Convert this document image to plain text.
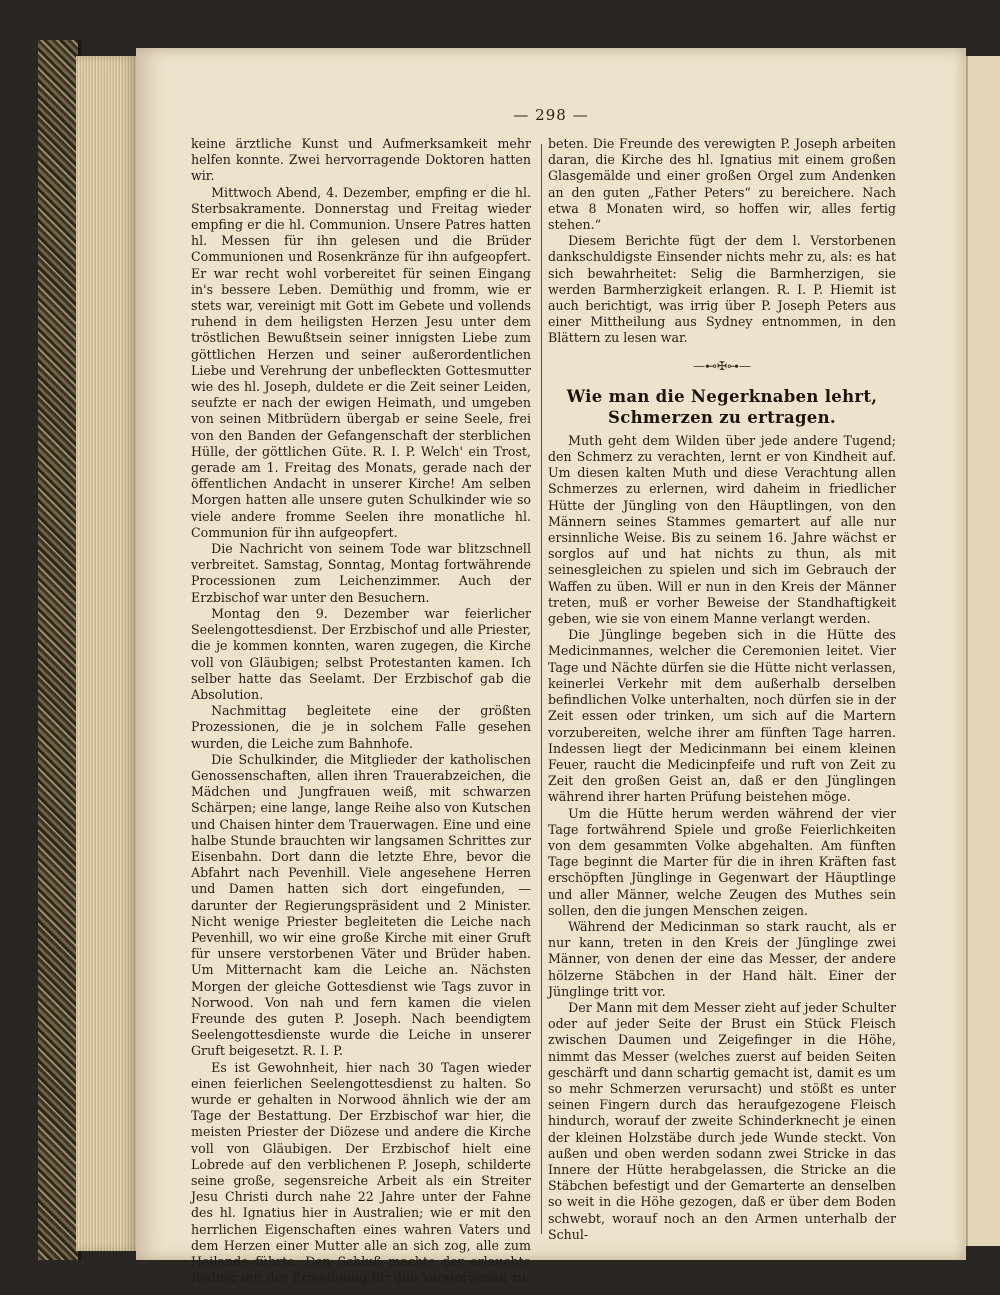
— 298 —

keine ärztliche Kunst und Aufmerksamkeit mehr helfen konnte. Zwei hervorragende Doktoren hatten wir.

Mittwoch Abend, 4. Dezember, empfing er die hl. Sterbsakramente. Donnerstag und Freitag wieder empfing er die hl. Communion. Unsere Patres hatten hl. Messen für ihn gelesen und die Brüder Communionen und Rosenkränze für ihn aufgeopfert. Er war recht wohl vorbereitet für seinen Eingang in's bessere Leben. Demüthig und fromm, wie er stets war, vereinigt mit Gott im Gebete und vollends ruhend in dem heiligsten Herzen Jesu unter dem tröstlichen Bewußtsein seiner innigsten Liebe zum göttlichen Herzen und seiner außerordentlichen Liebe und Verehrung der unbefleckten Gottesmutter wie des hl. Joseph, duldete er die Zeit seiner Leiden, seufzte er nach der ewigen Heimath, und umgeben von seinen Mitbrüdern übergab er seine Seele, frei von den Banden der Gefangenschaft der sterblichen Hülle, der göttlichen Güte. R. I. P. Welch' ein Trost, gerade am 1. Freitag des Monats, gerade nach der öffentlichen Andacht in unserer Kirche! Am selben Morgen hatten alle unsere guten Schulkinder wie so viele andere fromme Seelen ihre monatliche hl. Communion für ihn aufgeopfert.

Die Nachricht von seinem Tode war blitzschnell verbreitet. Samstag, Sonntag, Montag fortwährende Processionen zum Leichenzimmer. Auch der Erzbischof war unter den Besuchern.

Montag den 9. Dezember war feierlicher Seelengottesdienst. Der Erzbischof und alle Priester, die je kommen konnten, waren zugegen, die Kirche voll von Gläubigen; selbst Protestanten kamen. Ich selber hatte das Seelamt. Der Erzbischof gab die Absolution.

Nachmittag begleitete eine der größten Prozessionen, die je in solchem Falle gesehen wurden, die Leiche zum Bahnhofe.

Die Schulkinder, die Mitglieder der katholischen Genossenschaften, allen ihren Trauerabzeichen, die Mädchen und Jungfrauen weiß, mit schwarzen Schärpen; eine lange, lange Reihe also von Kutschen und Chaisen hinter dem Trauerwagen. Eine und eine halbe Stunde brauchten wir langsamen Schrittes zur Eisenbahn. Dort dann die letzte Ehre, bevor die Abfahrt nach Pevenhill. Viele angesehene Herren und Damen hatten sich dort eingefunden, — darunter der Regierungspräsident und 2 Minister. Nicht wenige Priester begleiteten die Leiche nach Pevenhill, wo wir eine große Kirche mit einer Gruft für unsere verstorbenen Väter und Brüder haben. Um Mitternacht kam die Leiche an. Nächsten Morgen der gleiche Gottesdienst wie Tags zuvor in Norwood. Von nah und fern kamen die vielen Freunde des guten P. Joseph. Nach beendigtem Seelengottesdienste wurde die Leiche in unserer Gruft beigesetzt. R. I. P.

Es ist Gewohnheit, hier nach 30 Tagen wieder einen feierlichen Seelengottesdienst zu halten. So wurde er gehalten in Norwood ähnlich wie der am Tage der Bestattung. Der Erzbischof war hier, die meisten Priester der Diözese und andere die Kirche voll von Gläubigen. Der Erzbischof hielt eine Lobrede auf den verblichenen P. Joseph, schilderte seine große, segensreiche Arbeit als ein Streiter Jesu Christi durch nahe 22 Jahre unter der Fahne des hl. Ignatius hier in Australien; wie er mit den herrlichen Eigenschaften eines wahren Vaters und dem Herzen einer Mutter alle an sich zog, alle zum Heilande führte. Den Schluß machte der erlauchte Redner mit der Ermahnung für den Verstorbenen zu

beten. Die Freunde des verewigten P. Joseph arbeiten daran, die Kirche des hl. Ignatius mit einem großen Glasgemälde und einer großen Orgel zum Andenken an den guten „Father Peters“ zu bereichere. Nach etwa 8 Monaten wird, so hoffen wir, alles fertig stehen.“

Diesem Berichte fügt der dem l. Verstorbenen dankschuldigste Einsender nichts mehr zu, als: es hat sich bewahrheitet: Selig die Barmherzigen, sie werden Barmherzigkeit erlangen. R. I. P. Hiemit ist auch berichtigt, was irrig über P. Joseph Peters aus einer Mittheilung aus Sydney entnommen, in den Blättern zu lesen war.

—⊷✠⊶—
Wie man die Negerknaben lehrt, Schmerzen zu ertragen.

Muth geht dem Wilden über jede andere Tugend; den Schmerz zu verachten, lernt er von Kindheit auf. Um diesen kalten Muth und diese Verachtung allen Schmerzes zu erlernen, wird daheim in friedlicher Hütte der Jüngling von den Häuptlingen, von den Männern seines Stammes gemartert auf alle nur ersinnliche Weise. Bis zu seinem 16. Jahre wächst er sorglos auf und hat nichts zu thun, als mit seinesgleichen zu spielen und sich im Gebrauch der Waffen zu üben. Will er nun in den Kreis der Männer treten, muß er vorher Beweise der Standhaftigkeit geben, wie sie von einem Manne verlangt werden.

Die Jünglinge begeben sich in die Hütte des Medicinmannes, welcher die Ceremonien leitet. Vier Tage und Nächte dürfen sie die Hütte nicht verlassen, keinerlei Verkehr mit dem außerhalb derselben befindlichen Volke unterhalten, noch dürfen sie in der Zeit essen oder trinken, um sich auf die Martern vorzubereiten, welche ihrer am fünften Tage harren. Indessen liegt der Medicinmann bei einem kleinen Feuer, raucht die Medicinpfeife und ruft von Zeit zu Zeit den großen Geist an, daß er den Jünglingen während ihrer harten Prüfung beistehen möge.

Um die Hütte herum werden während der vier Tage fortwährend Spiele und große Feierlichkeiten von dem gesammten Volke abgehalten. Am fünften Tage beginnt die Marter für die in ihren Kräften fast erschöpften Jünglinge in Gegenwart der Häuptlinge und aller Männer, welche Zeugen des Muthes sein sollen, den die jungen Menschen zeigen.

Während der Medicinman so stark raucht, als er nur kann, treten in den Kreis der Jünglinge zwei Männer, von denen der eine das Messer, der andere hölzerne Stäbchen in der Hand hält. Einer der Jünglinge tritt vor.

Der Mann mit dem Messer zieht auf jeder Schulter oder auf jeder Seite der Brust ein Stück Fleisch zwischen Daumen und Zeigefinger in die Höhe, nimmt das Messer (welches zuerst auf beiden Seiten geschärft und dann schartig gemacht ist, damit es um so mehr Schmerzen verursacht) und stößt es unter seinen Fingern durch das heraufgezogene Fleisch hindurch, worauf der zweite Schinderknecht je einen der kleinen Holzstäbe durch jede Wunde steckt. Von außen und oben werden sodann zwei Stricke in das Innere der Hütte herabgelassen, die Stricke an die Stäbchen befestigt und der Gemarterte an denselben so weit in die Höhe gezogen, daß er über dem Boden schwebt, worauf noch an den Armen unterhalb der Schul-
